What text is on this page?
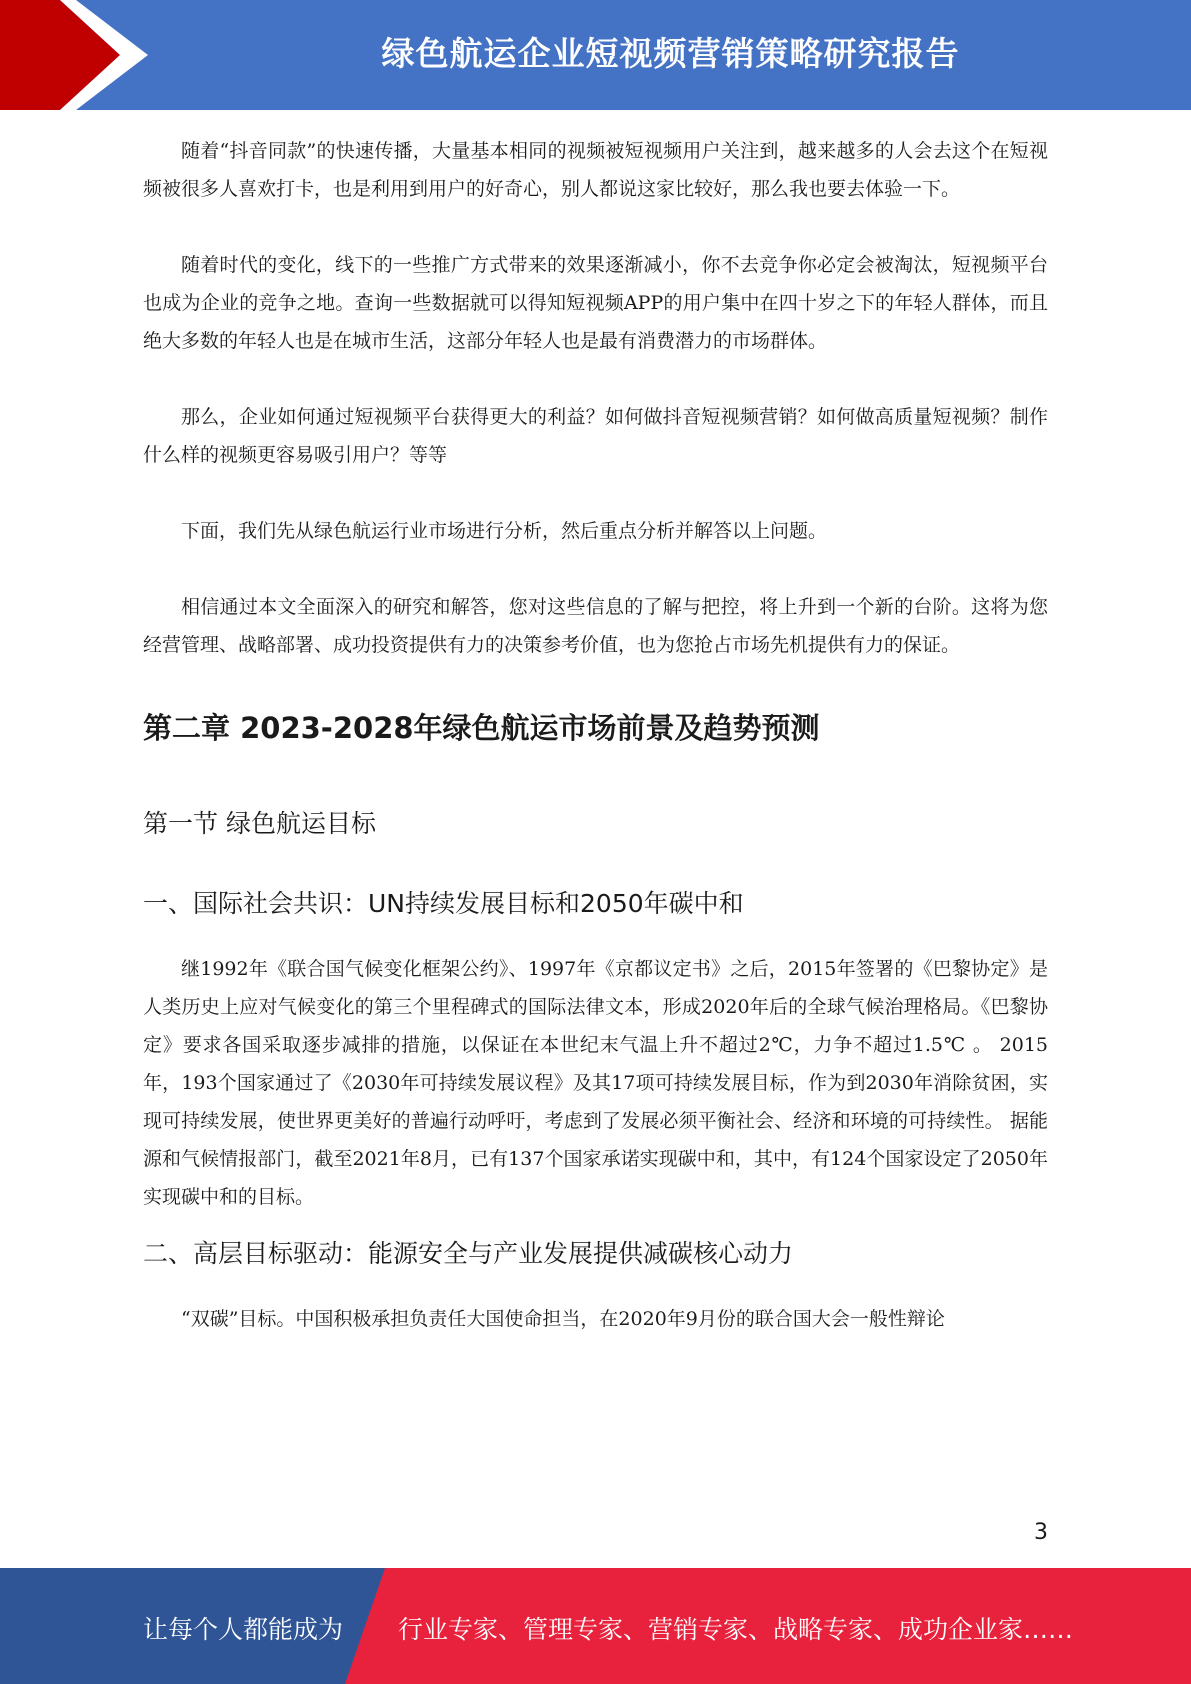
绿色航运企业短视频营销策略研究报告

随着“抖音同款”的快速传播，大量基本相同的视频被短视频用户关注到，越来越多的人会去这个在短视频被很多人喜欢打卡，也是利用到用户的好奇心，别人都说这家比较好，那么我也要去体验一下。

随着时代的变化，线下的一些推广方式带来的效果逐渐减小，你不去竞争你必定会被淘汰，短视频平台也成为企业的竞争之地。查询一些数据就可以得知短视频APP的用户集中在四十岁之下的年轻人群体，而且绝大多数的年轻人也是在城市生活，这部分年轻人也是最有消费潜力的市场群体。

那么，企业如何通过短视频平台获得更大的利益？如何做抖音短视频营销？如何做高质量短视频？制作什么样的视频更容易吸引用户？等等

下面，我们先从绿色航运行业市场进行分析，然后重点分析并解答以上问题。

相信通过本文全面深入的研究和解答，您对这些信息的了解与把控，将上升到一个新的台阶。这将为您经营管理、战略部署、成功投资提供有力的决策参考价值，也为您抢占市场先机提供有力的保证。

第二章 2023-2028年绿色航运市场前景及趋势预测
第一节 绿色航运目标
一、国际社会共识：UN持续发展目标和2050年碳中和

继1992年《联合国气候变化框架公约》、1997年《京都议定书》之后，2015年签署的《巴黎协定》是人类历史上应对气候变化的第三个里程碑式的国际法律文本，形成2020年后的全球气候治理格局。《巴黎协定》要求各国采取逐步减排的措施，以保证在本世纪末气温上升不超过2℃，力争不超过1.5℃ 。 2015年，193个国家通过了《2030年可持续发展议程》及其17项可持续发展目标，作为到2030年消除贫困，实现可持续发展，使世界更美好的普遍行动呼吁，考虑到了发展必须平衡社会、经济和环境的可持续性。 据能源和气候情报部门，截至2021年8月，已有137个国家承诺实现碳中和，其中，有124个国家设定了2050年实现碳中和的目标。

二、高层目标驱动：能源安全与产业发展提供减碳核心动力

“双碳”目标。中国积极承担负责任大国使命担当，在2020年9月份的联合国大会一般性辩论

3
让每个人都能成为 行业专家、管理专家、营销专家、战略专家、成功企业家……
